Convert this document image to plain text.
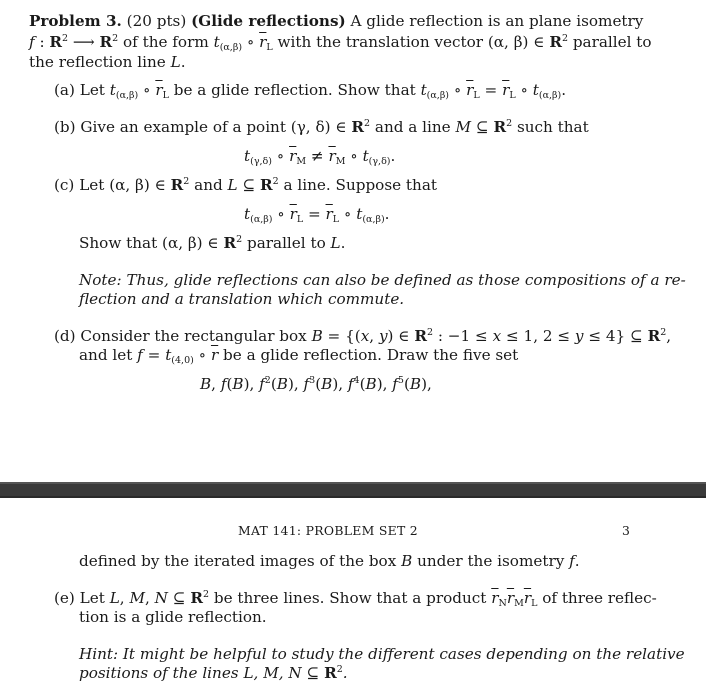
Problem 3. (20 pts) (Glide reflections) A glide reflection is an plane isometry
f : $R^2$ ⟶ $R^2$ of the form $t_{(\alpha,\beta)}$ ∘ $\overline{r}_L$ with the translation vector (α, β) ∈ $R^2$ parallel to
the reflection line L.
(a) Let $t_{(\alpha,\beta)}$ ∘ $\overline{r}_L$ be a glide reflection. Show that $t_{(\alpha,\beta)}$ ∘ $\overline{r}_L = \overline{r}_L$ ∘ $t_{(\alpha,\beta)}$.
(b) Give an example of a point (γ, δ) ∈ $R^2$ and a line M ⊆ $R^2$ such that
$t_{(\gamma,\delta)}$ ∘ $\overline{r}_M \ne \overline{r}_M$ ∘ $t_{(\gamma,\delta)}$.
(c) Let (α, β) ∈ $R^2$ and L ⊆ $R^2$ a line. Suppose that
$t_{(\alpha,\beta)}$ ∘ $\overline{r}_L = \overline{r}_L$ ∘ $t_{(\alpha,\beta)}$.
Show that (α, β) ∈ $R^2$ parallel to L.
Note: Thus, glide reflections can also be defined as those compositions of a re-
flection and a translation which commute.
(d) Consider the rectangular box B = {(x, y) ∈ $R^2$ : −1 ≤ x ≤ 1, 2 ≤ y ≤ 4} ⊆ $R^2$,
and let $f = t_{(4,0)}$ ∘ $\overline{r}$ be a glide reflection. Draw the five set
B, f(B), $f^2(B)$, $f^3(B)$, $f^4(B)$, $f^5(B)$,
MAT 141: PROBLEM SET 2	3
defined by the iterated images of the box B under the isometry f.
(e) Let L, M, N ⊆ $R^2$ be three lines. Show that a product $\overline{r}_N\overline{r}_M\overline{r}_L$ of three reflec-
tion is a glide reflection.
Hint: It might be helpful to study the different cases depending on the relative
positions of the lines L, M, N ⊆ $R^2$.
